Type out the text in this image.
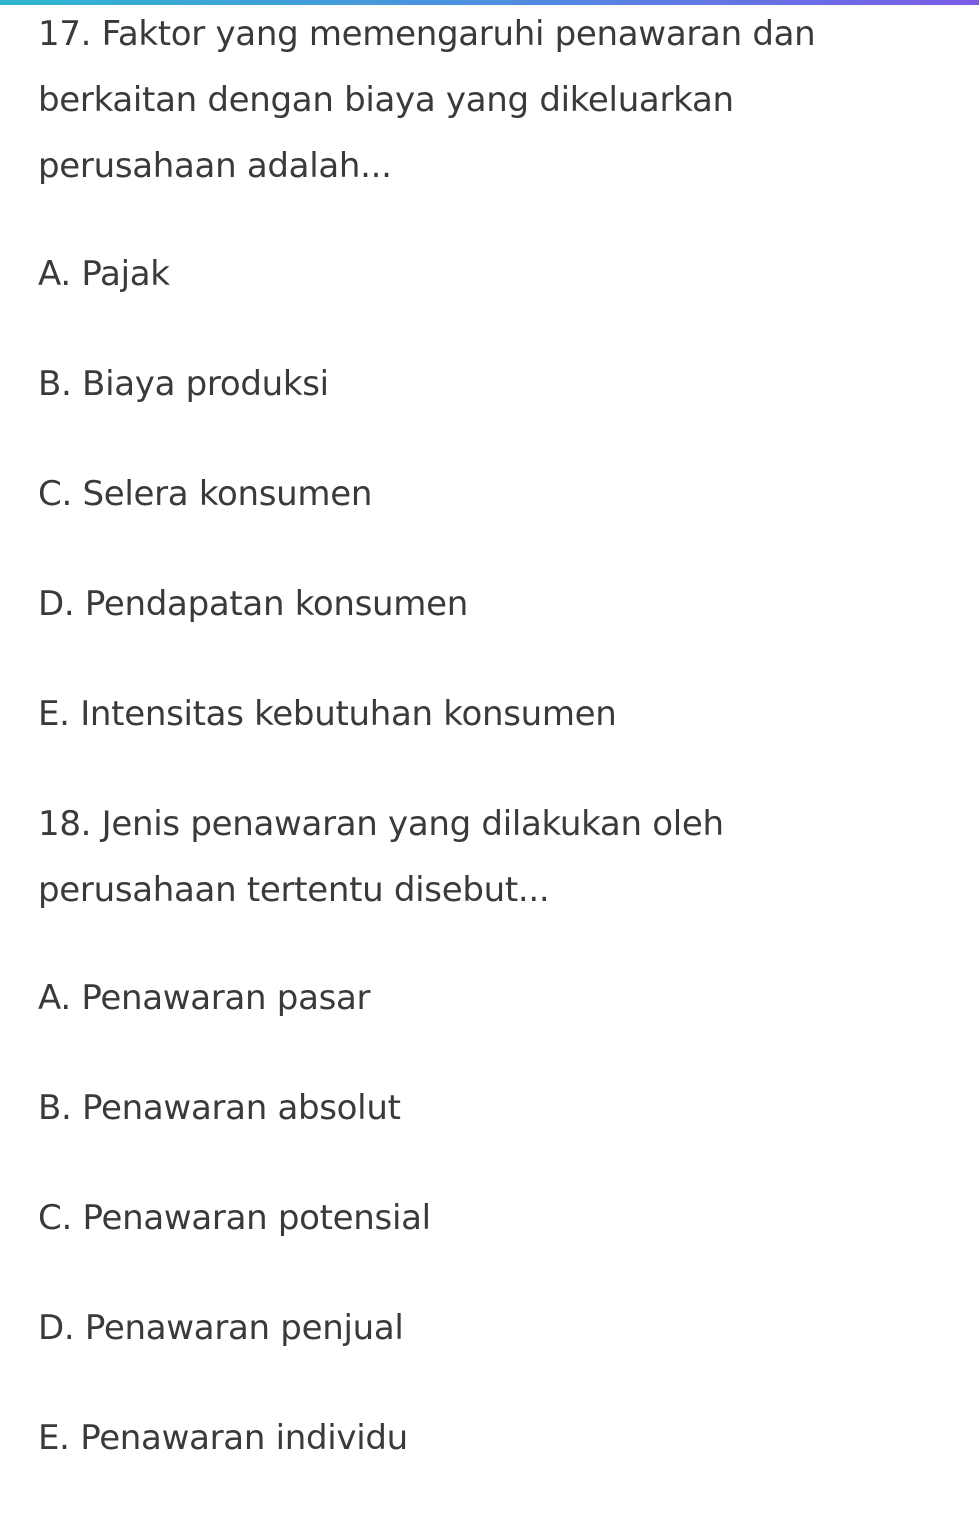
17. Faktor yang memengaruhi penawaran dan
berkaitan dengan biaya yang dikeluarkan
perusahaan adalah...
A. Pajak
B. Biaya produksi
C. Selera konsumen
D. Pendapatan konsumen
E. Intensitas kebutuhan konsumen
18. Jenis penawaran yang dilakukan oleh
perusahaan tertentu disebut...
A. Penawaran pasar
B. Penawaran absolut
C. Penawaran potensial
D. Penawaran penjual
E. Penawaran individu
